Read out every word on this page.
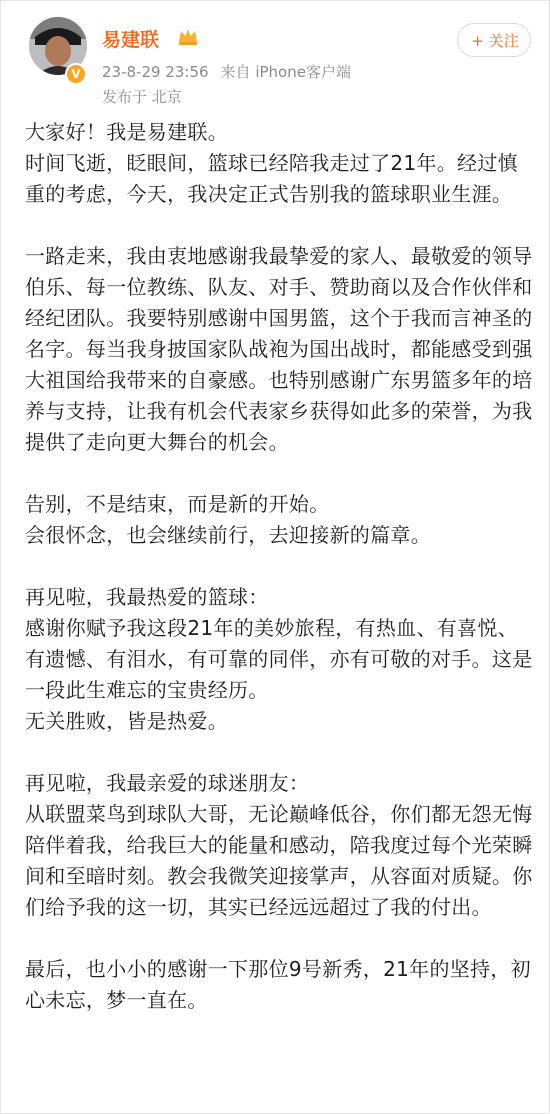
V
易建联
23-8-29 23:56 来自 iPhone客户端
发布于 北京
+ 关注

大家好！我是易建联。

时间飞逝，眨眼间，篮球已经陪我走过了21年。经过慎重的考虑，今天，我决定正式告别我的篮球职业生涯。

一路走来，我由衷地感谢我最挚爱的家人、最敬爱的领导伯乐、每一位教练、队友、对手、赞助商以及合作伙伴和经纪团队。我要特别感谢中国男篮，这个于我而言神圣的名字。每当我身披国家队战袍为国出战时，都能感受到强大祖国给我带来的自豪感。也特别感谢广东男篮多年的培养与支持，让我有机会代表家乡获得如此多的荣誉，为我提供了走向更大舞台的机会。

告别，不是结束，而是新的开始。

会很怀念，也会继续前行，去迎接新的篇章。

再见啦，我最热爱的篮球：

感谢你赋予我这段21年的美妙旅程，有热血、有喜悦、有遗憾、有泪水，有可靠的同伴，亦有可敬的对手。这是一段此生难忘的宝贵经历。

无关胜败，皆是热爱。

再见啦，我最亲爱的球迷朋友：

从联盟菜鸟到球队大哥，无论巅峰低谷，你们都无怨无悔陪伴着我，给我巨大的能量和感动，陪我度过每个光荣瞬间和至暗时刻。教会我微笑迎接掌声，从容面对质疑。你们给予我的这一切，其实已经远远超过了我的付出。

最后，也小小的感谢一下那位9号新秀，21年的坚持，初心未忘，梦一直在。
